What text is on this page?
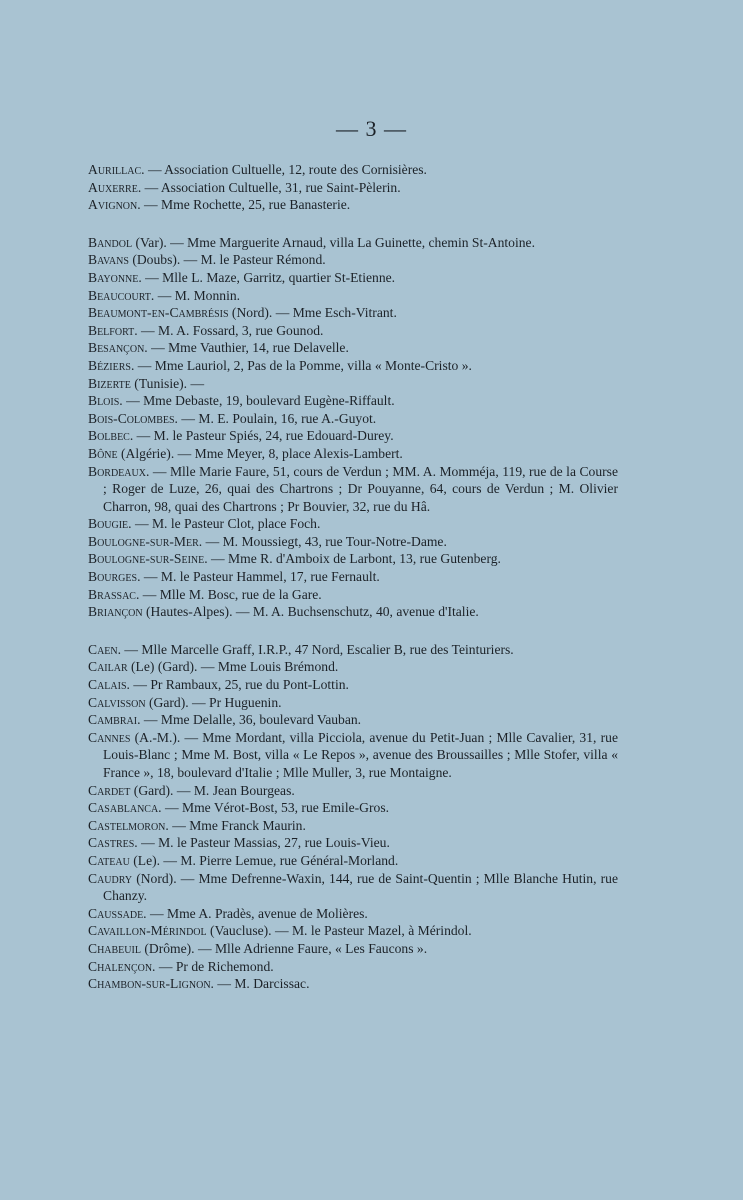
— 3 —

Aurillac. — Association Cultuelle, 12, route des Cornisières.

Auxerre. — Association Cultuelle, 31, rue Saint-Pèlerin.

Avignon. — Mme Rochette, 25, rue Banasterie.

Bandol (Var). — Mme Marguerite Arnaud, villa La Guinette, chemin St-Antoine.

Bavans (Doubs). — M. le Pasteur Rémond.

Bayonne. — Mlle L. Maze, Garritz, quartier St-Etienne.

Beaucourt. — M. Monnin.

Beaumont-en-Cambrésis (Nord). — Mme Esch-Vitrant.

Belfort. — M. A. Fossard, 3, rue Gounod.

Besançon. — Mme Vauthier, 14, rue Delavelle.

Béziers. — Mme Lauriol, 2, Pas de la Pomme, villa « Monte-Cristo ».

Bizerte (Tunisie). —

Blois. — Mme Debaste, 19, boulevard Eugène-Riffault.

Bois-Colombes. — M. E. Poulain, 16, rue A.-Guyot.

Bolbec. — M. le Pasteur Spiés, 24, rue Edouard-Durey.

Bône (Algérie). — Mme Meyer, 8, place Alexis-Lambert.

Bordeaux. — Mlle Marie Faure, 51, cours de Verdun ; MM. A. Momméja, 119, rue de la Course ; Roger de Luze, 26, quai des Chartrons ; Dr Pouyanne, 64, cours de Verdun ; M. Olivier Charron, 98, quai des Chartrons ; Pr Bouvier, 32, rue du Hâ.

Bougie. — M. le Pasteur Clot, place Foch.

Boulogne-sur-Mer. — M. Moussiegt, 43, rue Tour-Notre-Dame.

Boulogne-sur-Seine. — Mme R. d'Amboix de Larbont, 13, rue Gutenberg.

Bourges. — M. le Pasteur Hammel, 17, rue Fernault.

Brassac. — Mlle M. Bosc, rue de la Gare.

Briançon (Hautes-Alpes). — M. A. Buchsenschutz, 40, avenue d'Italie.

Caen. — Mlle Marcelle Graff, I.R.P., 47 Nord, Escalier B, rue des Teinturiers.

Cailar (Le) (Gard). — Mme Louis Brémond.

Calais. — Pr Rambaux, 25, rue du Pont-Lottin.

Calvisson (Gard). — Pr Huguenin.

Cambrai. — Mme Delalle, 36, boulevard Vauban.

Cannes (A.-M.). — Mme Mordant, villa Picciola, avenue du Petit-Juan ; Mlle Cavalier, 31, rue Louis-Blanc ; Mme M. Bost, villa « Le Repos », avenue des Broussailles ; Mlle Stofer, villa « France », 18, boulevard d'Italie ; Mlle Muller, 3, rue Montaigne.

Cardet (Gard). — M. Jean Bourgeas.

Casablanca. — Mme Vérot-Bost, 53, rue Emile-Gros.

Castelmoron. — Mme Franck Maurin.

Castres. — M. le Pasteur Massias, 27, rue Louis-Vieu.

Cateau (Le). — M. Pierre Lemue, rue Général-Morland.

Caudry (Nord). — Mme Defrenne-Waxin, 144, rue de Saint-Quentin ; Mlle Blanche Hutin, rue Chanzy.

Caussade. — Mme A. Pradès, avenue de Molières.

Cavaillon-Mérindol (Vaucluse). — M. le Pasteur Mazel, à Mérindol.

Chabeuil (Drôme). — Mlle Adrienne Faure, « Les Faucons ».

Chalençon. — Pr de Richemond.

Chambon-sur-Lignon. — M. Darcissac.
